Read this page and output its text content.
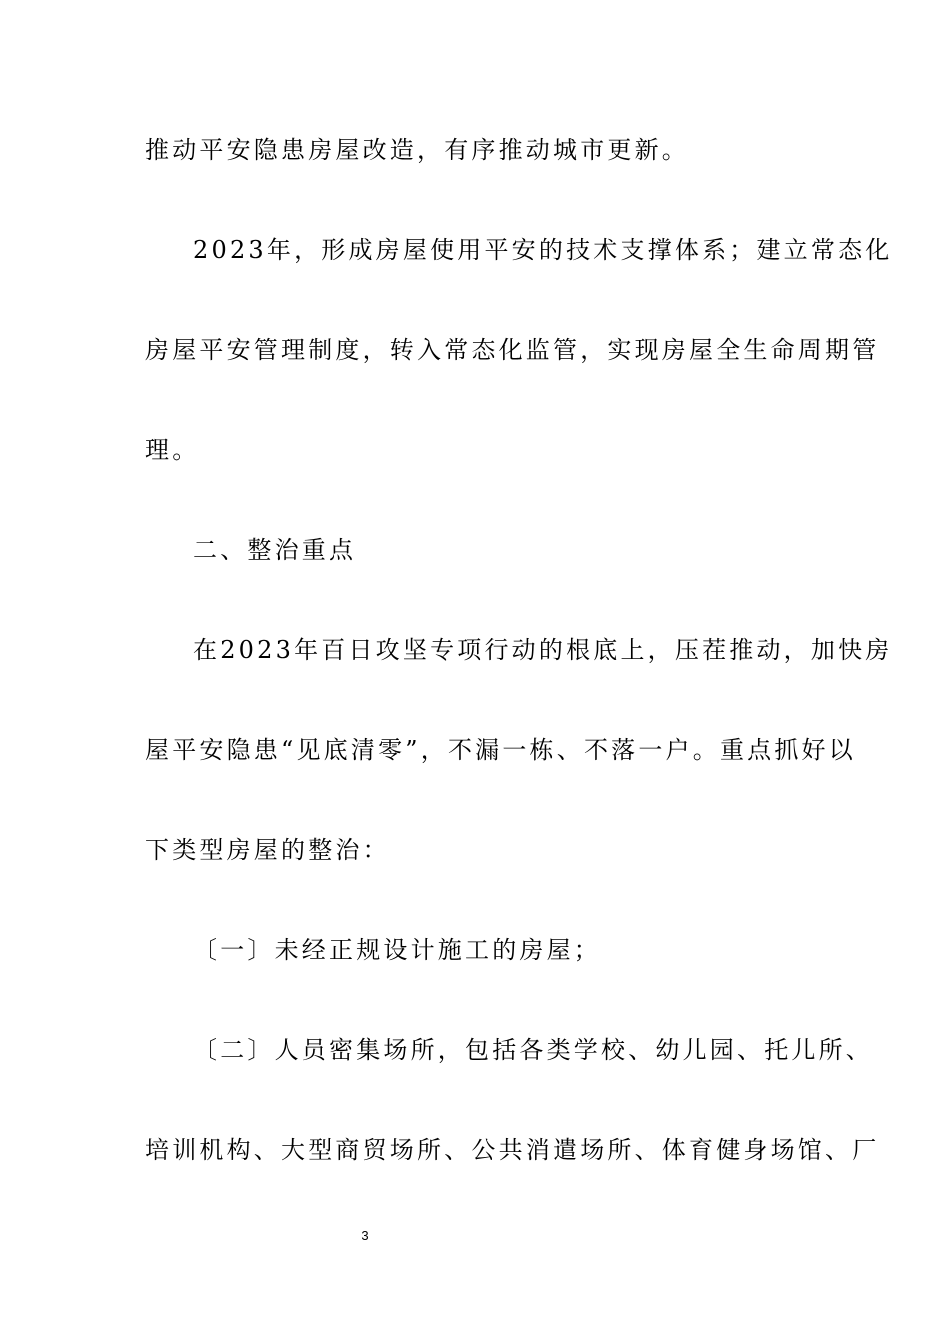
推动平安隐患房屋改造，有序推动城市更新。
2023年，形成房屋使用平安的技术支撑体系；建立常态化
房屋平安管理制度，转入常态化监管，实现房屋全生命周期管
理。
二、整治重点
在2023年百日攻坚专项行动的根底上，压茬推动，加快房
屋平安隐患“见底清零”，不漏一栋、不落一户。重点抓好以
下类型房屋的整治：
〔一〕未经正规设计施工的房屋；
〔二〕人员密集场所，包括各类学校、幼儿园、托儿所、
培训机构、大型商贸场所、公共消遣场所、体育健身场馆、厂
3
